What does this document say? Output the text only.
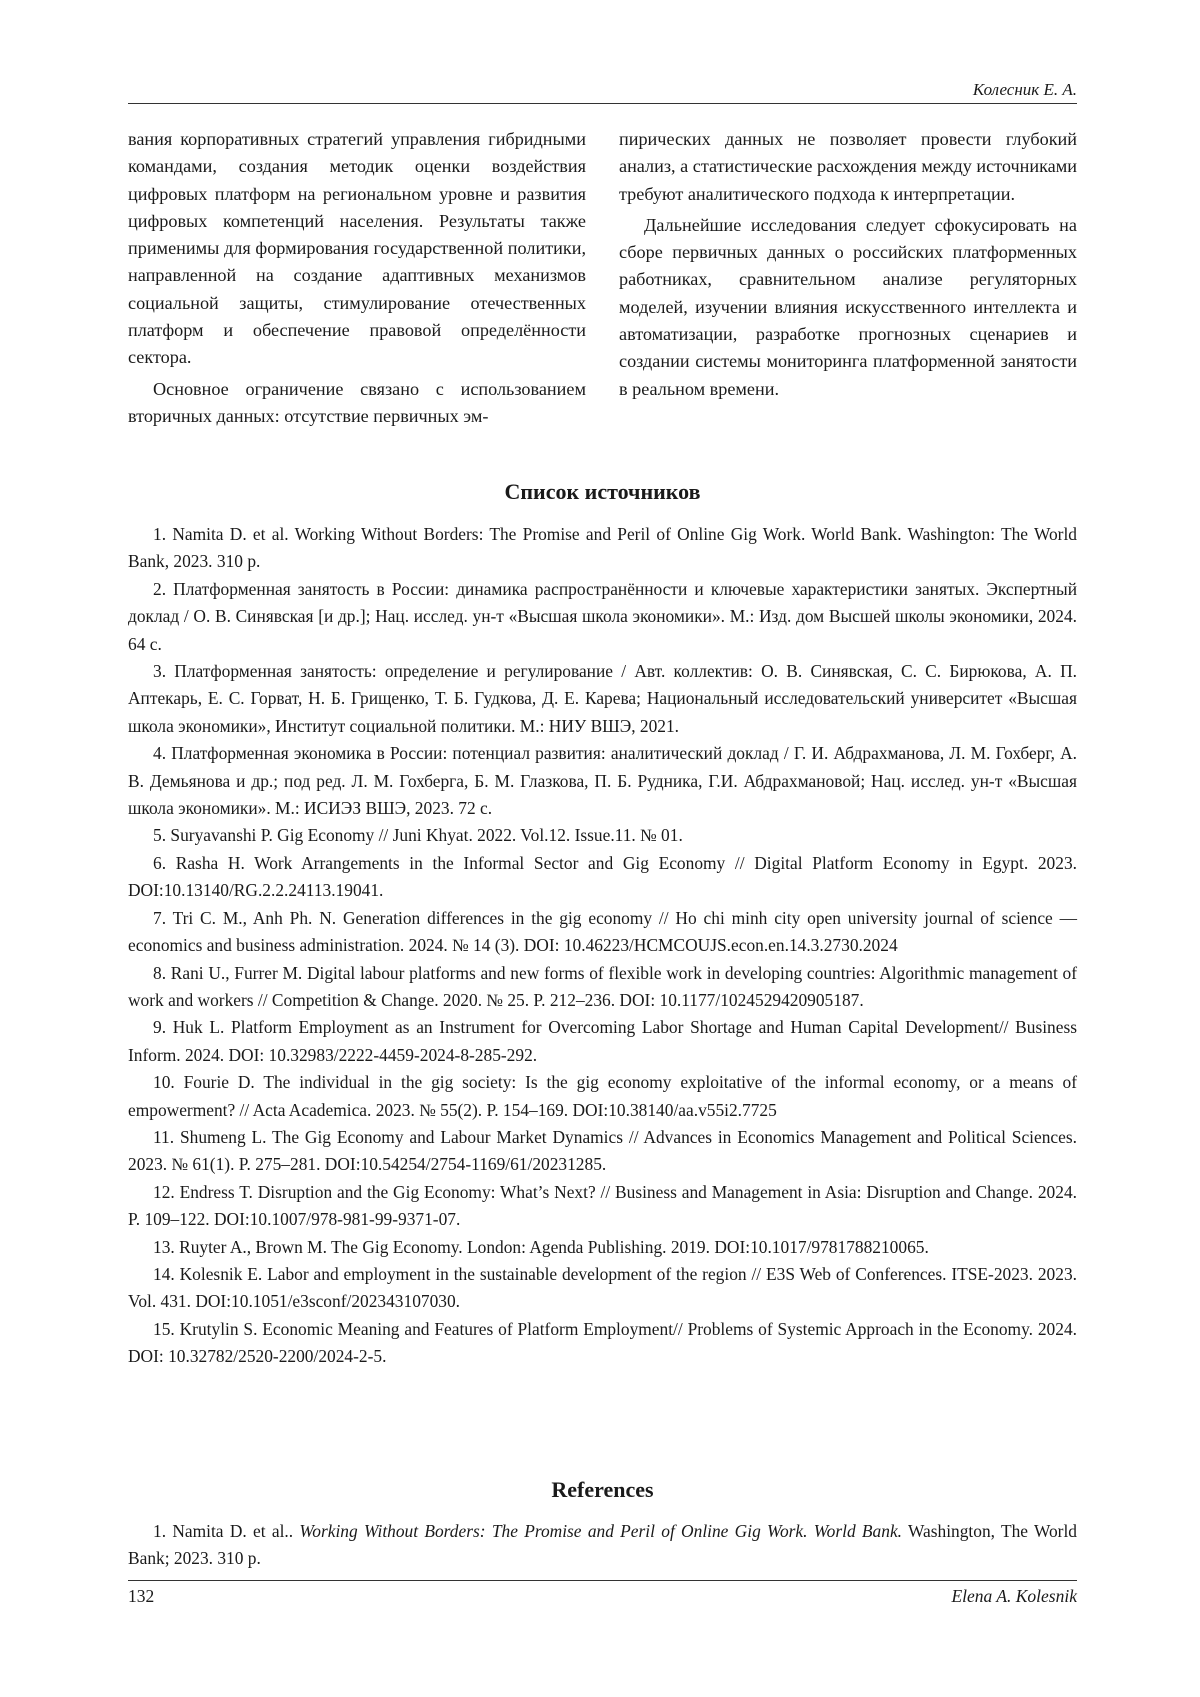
Колесник Е. А.

вания корпоративных стратегий управления гибридными командами, создания методик оценки воздействия цифровых платформ на региональном уровне и развития цифровых компетенций населения. Результаты также применимы для формирования государственной политики, направленной на создание адаптивных механизмов социальной защиты, стимулирование отечественных платформ и обеспечение правовой определённости сектора.

Основное ограничение связано с использованием вторичных данных: отсутствие первичных эм-

пирических данных не позволяет провести глубокий анализ, а статистические расхождения между источниками требуют аналитического подхода к интерпретации.

Дальнейшие исследования следует сфокусировать на сборе первичных данных о российских платформенных работниках, сравнительном анализе регуляторных моделей, изучении влияния искусственного интеллекта и автоматизации, разработке прогнозных сценариев и создании системы мониторинга платформенной занятости в реальном времени.

Список источников
1. Namita D. et al. Working Without Borders: The Promise and Peril of Online Gig Work. World Bank. Washington: The World Bank, 2023. 310 p.
2. Платформенная занятость в России: динамика распространённости и ключевые характеристики занятых. Экспертный доклад / О. В. Синявская [и др.]; Нац. исслед. ун-т «Высшая школа экономики». М.: Изд. дом Высшей школы экономики, 2024. 64 с.
3. Платформенная занятость: определение и регулирование / Авт. коллектив: О. В. Синявская, С. С. Бирюкова, А. П. Аптекарь, Е. С. Горват, Н. Б. Грищенко, Т. Б. Гудкова, Д. Е. Карева; Национальный исследовательский университет «Высшая школа экономики», Институт социальной политики. М.: НИУ ВШЭ, 2021.
4. Платформенная экономика в России: потенциал развития: аналитический доклад / Г. И. Абдрахманова, Л. М. Гохберг, А. В. Демьянова и др.; под ред. Л. М. Гохберга, Б. М. Глазкова, П. Б. Рудника, Г.И. Абдрахмановой; Нац. исслед. ун-т «Высшая школа экономики». М.: ИСИЭЗ ВШЭ, 2023. 72 с.
5. Suryavanshi P. Gig Economy // Juni Khyat. 2022. Vol.12. Issue.11. № 01.
6. Rasha H. Work Arrangements in the Informal Sector and Gig Economy // Digital Platform Economy in Egypt. 2023. DOI:10.13140/RG.2.2.24113.19041.
7. Tri C. M., Anh Ph. N. Generation differences in the gig economy // Ho chi minh city open university journal of science — economics and business administration. 2024. № 14 (3). DOI: 10.46223/HCMCOUJS.econ.en.14.3.2730.2024
8. Rani U., Furrer M. Digital labour platforms and new forms of flexible work in developing countries: Algorithmic management of work and workers // Competition & Change. 2020. № 25. P. 212–236. DOI: 10.1177/1024529420905187.
9. Huk L. Platform Employment as an Instrument for Overcoming Labor Shortage and Human Capital Development// Business Inform. 2024. DOI: 10.32983/2222-4459-2024-8-285-292.
10. Fourie D. The individual in the gig society: Is the gig economy exploitative of the informal economy, or a means of empowerment? // Acta Academica. 2023. № 55(2). P. 154–169. DOI:10.38140/aa.v55i2.7725
11. Shumeng L. The Gig Economy and Labour Market Dynamics // Advances in Economics Management and Political Sciences. 2023. № 61(1). P. 275–281. DOI:10.54254/2754-1169/61/20231285.
12. Endress T. Disruption and the Gig Economy: What’s Next? // Business and Management in Asia: Disruption and Change. 2024. P. 109–122. DOI:10.1007/978-981-99-9371-07.
13. Ruyter A., Brown M. The Gig Economy. London: Agenda Publishing. 2019. DOI:10.1017/9781788210065.
14. Kolesnik E. Labor and employment in the sustainable development of the region // E3S Web of Conferences. ITSE-2023. 2023. Vol. 431. DOI:10.1051/e3sconf/202343107030.
15. Krutylin S. Economic Meaning and Features of Platform Employment// Problems of Systemic Approach in the Economy. 2024. DOI: 10.32782/2520-2200/2024-2-5.
References
1. Namita D. et al.. Working Without Borders: The Promise and Peril of Online Gig Work. World Bank. Washington, The World Bank; 2023. 310 p.
132	Elena A. Kolesnik
